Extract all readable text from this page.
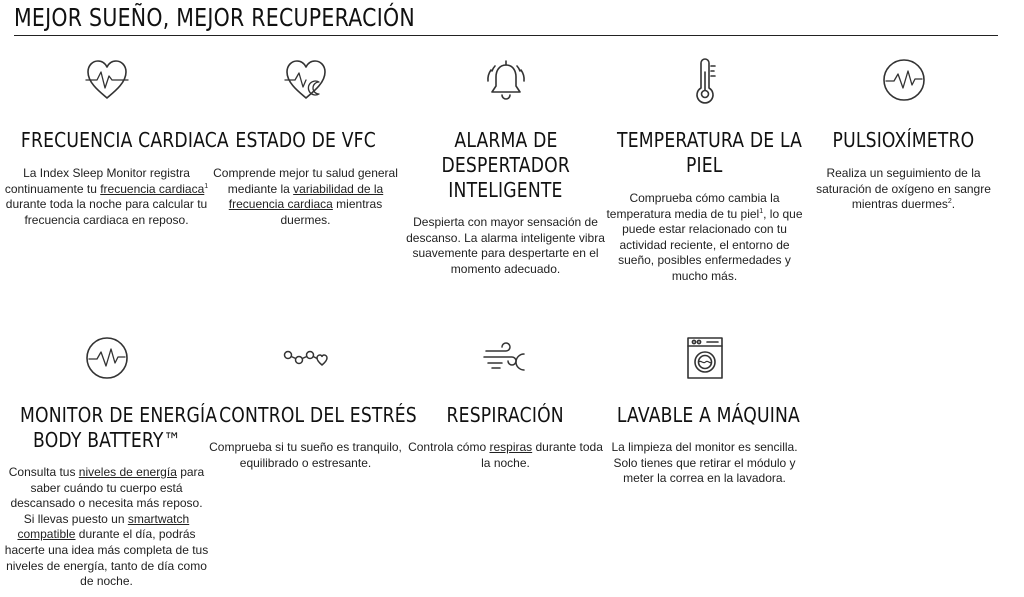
MEJOR SUEÑO, MEJOR RECUPERACIÓN
FRECUENCIA CARDIACA

La Index Sleep Monitor registra continuamente tu frecuencia cardiaca$^1$ durante toda la noche para calcular tu frecuencia cardiaca en reposo.

ESTADO DE VFC

Comprende mejor tu salud general mediante la variabilidad de la frecuencia cardiaca mientras duermes.

ALARMA DE
DESPERTADOR
INTELIGENTE

Despierta con mayor sensación de descanso. La alarma inteligente vibra suavemente para despertarte en el momento adecuado.

TEMPERATURA DE LA
PIEL

Comprueba cómo cambia la temperatura media de tu piel$^1$, lo que puede estar relacionado con tu actividad reciente, el entorno de sueño, posibles enfermedades y mucho más.

PULSIOXÍMETRO

Realiza un seguimiento de la saturación de oxígeno en sangre mientras duermes$^2$.

MONITOR DE ENERGÍA
BODY BATTERY™

Consulta tus niveles de energía para saber cuándo tu cuerpo está descansado o necesita más reposo. Si llevas puesto un smartwatch compatible durante el día, podrás hacerte una idea más completa de tus niveles de energía, tanto de día como de noche.

CONTROL DEL ESTRÉS

Comprueba si tu sueño es tranquilo, equilibrado o estresante.

RESPIRACIÓN

Controla cómo respiras durante toda la noche.

LAVABLE A MÁQUINA

La limpieza del monitor es sencilla. Solo tienes que retirar el módulo y meter la correa en la lavadora.
